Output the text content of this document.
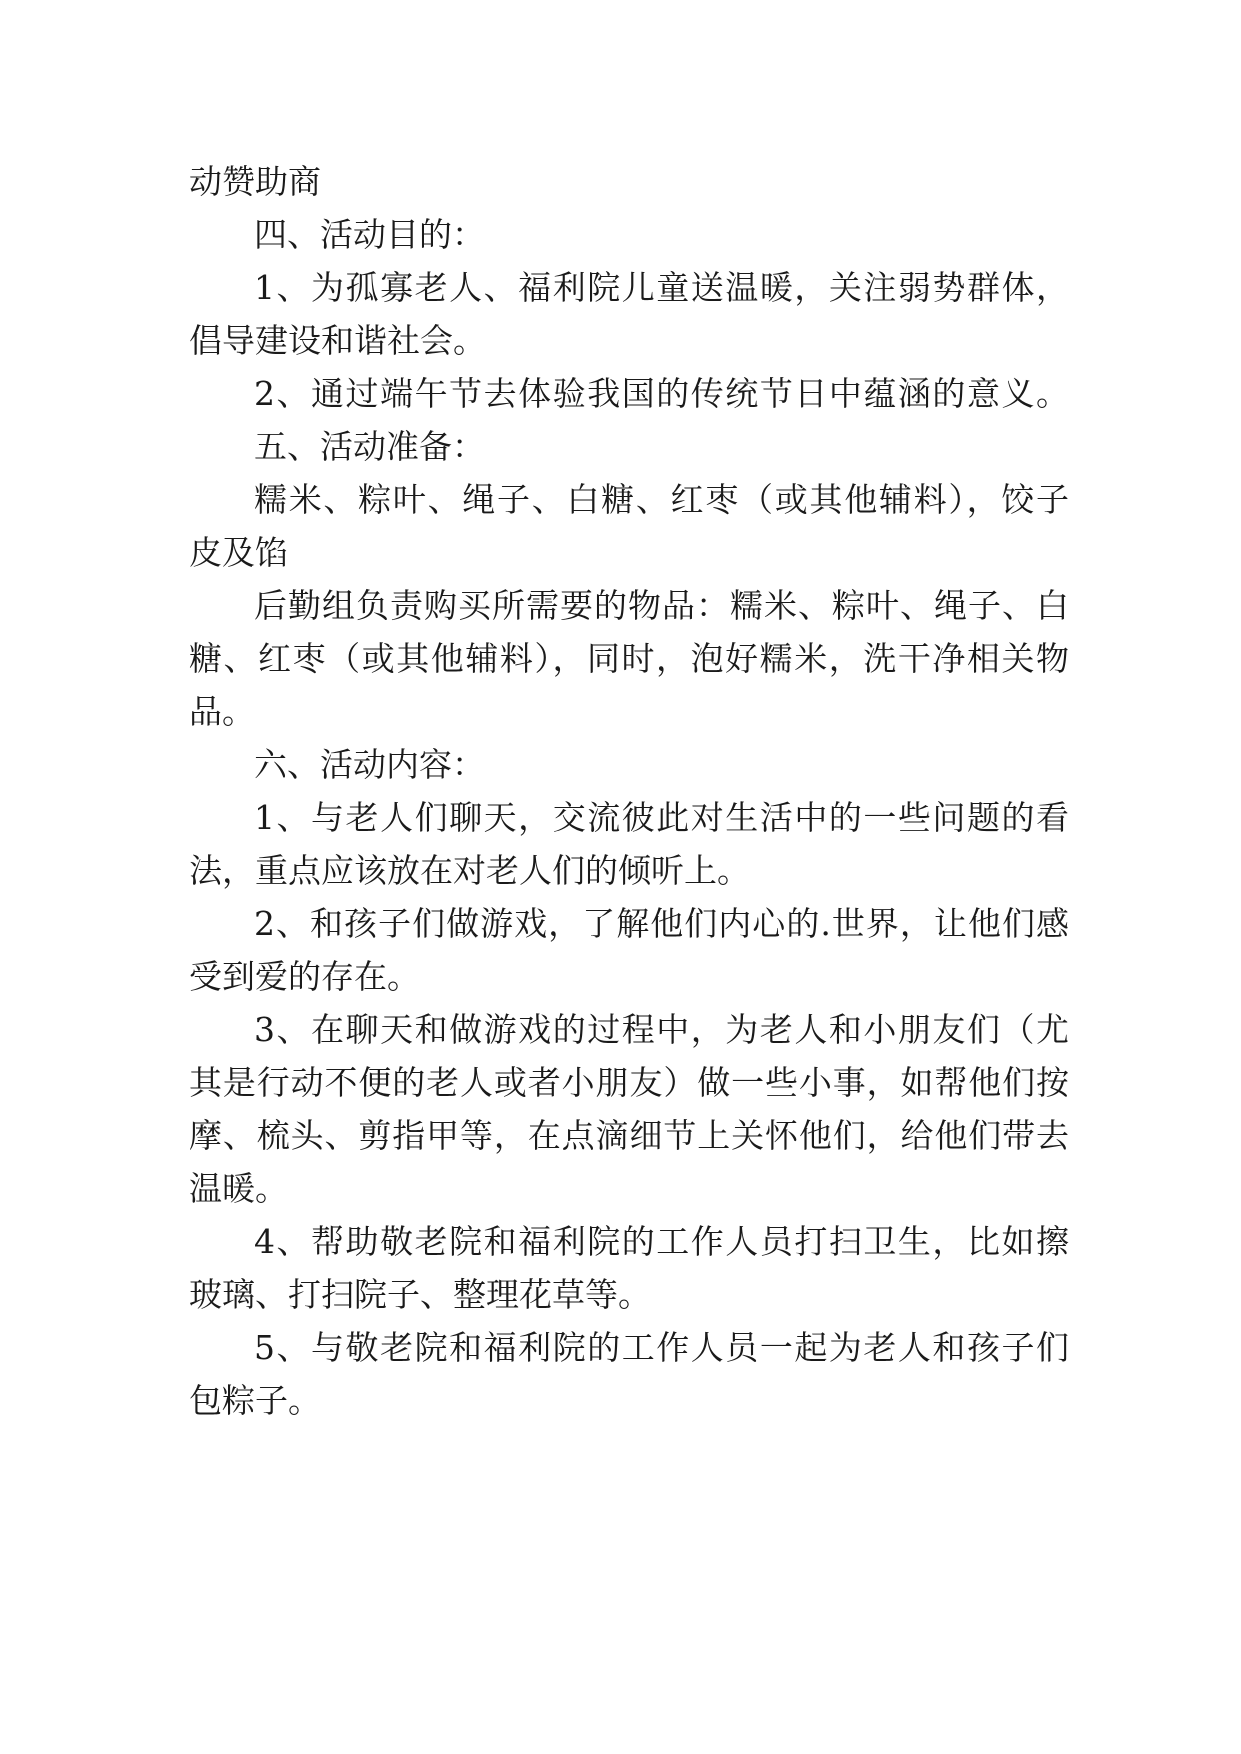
动赞助商
四、活动目的：
1、为孤寡老人、福利院儿童送温暖，关注弱势群体，
倡导建设和谐社会。
2、通过端午节去体验我国的传统节日中蕴涵的意义。
五、活动准备：
糯米、粽叶、绳子、白糖、红枣（或其他辅料），饺子
皮及馅
后勤组负责购买所需要的物品：糯米、粽叶、绳子、白
糖、红枣（或其他辅料），同时，泡好糯米，洗干净相关物
品。
六、活动内容：
1、与老人们聊天，交流彼此对生活中的一些问题的看
法，重点应该放在对老人们的倾听上。
2、和孩子们做游戏，了解他们内心的.世界，让他们感
受到爱的存在。
3、在聊天和做游戏的过程中，为老人和小朋友们（尤
其是行动不便的老人或者小朋友）做一些小事，如帮他们按
摩、梳头、剪指甲等，在点滴细节上关怀他们，给他们带去
温暖。
4、帮助敬老院和福利院的工作人员打扫卫生，比如擦
玻璃、打扫院子、整理花草等。
5、与敬老院和福利院的工作人员一起为老人和孩子们
包粽子。
